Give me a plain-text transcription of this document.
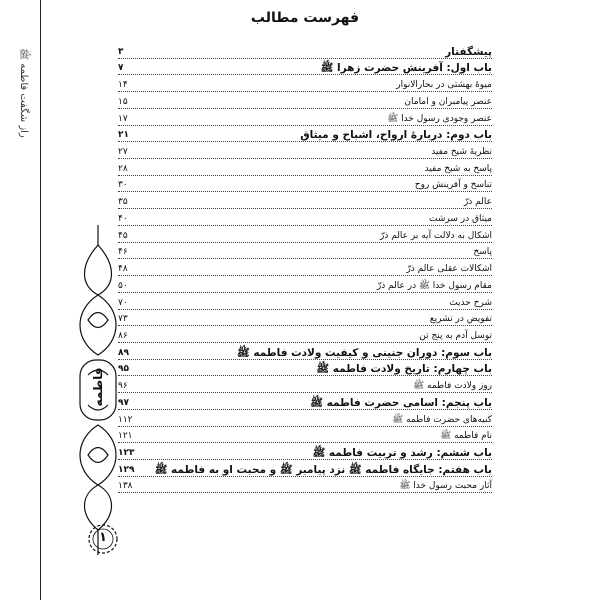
راز شگفت فاطمه ﷺ
فاطمه
۱
فهرست مطالب
پیشگفتار
۳
باب اول: آفرینش حضرت زهرا ﷺ
۷
میوهٔ بهشتی در بحارالانوار
۱۴
عنصر پیامبران و امامان
۱۵
عنصر وجودی رسول خدا ﷺ
۱۷
باب دوم: دربارهٔ ارواح، اشباح و میثاق
۲۱
نظریهٔ شیخ مفید
۲۷
پاسخ به شیخ مفید
۲۸
تناسخ و آفرینش روح
۳۰
عالم ذرّ
۳۵
میثاق در سرشت
۴۰
اشکال به دلالت آیه بر عالم ذرّ
۴۵
پاسخ
۴۶
اشکالات عقلی عالم ذرّ
۴۸
مقام رسول خدا ﷺ در عالم ذرّ
۵۰
شرح حدیث
۷۰
تفویض در تشریع
۷۳
توسل آدم به پنج تن
۸۶
باب سوم: دوران جنینی و کیفیت ولادت فاطمه ﷺ
۸۹
باب چهارم: تاریخ ولادت فاطمه ﷺ
۹۵
روز ولادت فاطمه ﷺ
۹۶
باب پنجم: اسامی حضرت فاطمه ﷺ
۹۷
کنیه‌های حضرت فاطمه ﷺ
۱۱۲
نام فاطمه ﷺ
۱۲۱
باب ششم: رشد و تربیت فاطمه ﷺ
۱۲۳
باب هفتم: جایگاه فاطمه ﷺ نزد پیامبر ﷺ و محبت او به فاطمه ﷺ
۱۲۹
آثار محبت رسول خدا ﷺ
۱۳۸
